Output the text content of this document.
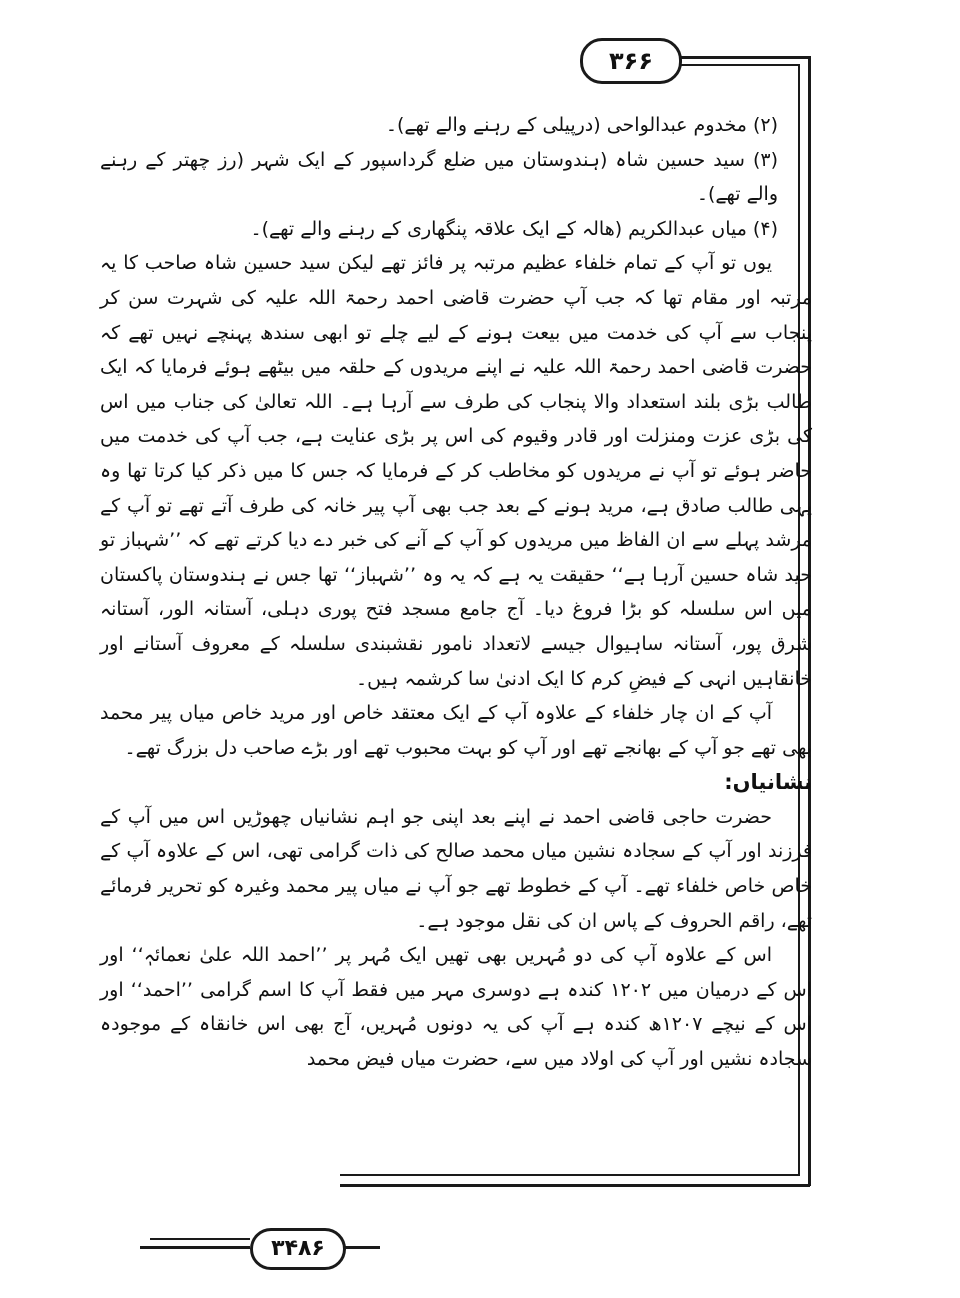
۳۶۶

(۲) مخدوم عبدالواحی (درپیلی کے رہنے والے تھے)۔

(۳) سید حسین شاہ (ہندوستان میں ضلع گرداسپور کے ایک شہر (رز چھتر کے رہنے والے تھے)۔

(۴) میاں عبدالکریم (ھالہ کے ایک علاقہ پنگھاری کے رہنے والے تھے)۔

یوں تو آپ کے تمام خلفاء عظیم مرتبہ پر فائز تھے لیکن سید حسین شاہ صاحب کا یہ مرتبہ اور مقام تھا کہ جب آپ حضرت قاضی احمد رحمۃ اللہ علیہ کی شہرت سن کر پنجاب سے آپ کی خدمت میں بیعت ہونے کے لیے چلے تو ابھی سندھ پہنچے نہیں تھے کہ حضرت قاضی احمد رحمۃ اللہ علیہ نے اپنے مریدوں کے حلقہ میں بیٹھے ہوئے فرمایا کہ ایک طالب بڑی بلند استعداد والا پنجاب کی طرف سے آرہا ہے۔ اللہ تعالیٰ کی جناب میں اس کی بڑی عزت ومنزلت اور قادر وقیوم کی اس پر بڑی عنایت ہے، جب آپ کی خدمت میں حاضر ہوئے تو آپ نے مریدوں کو مخاطب کر کے فرمایا کہ جس کا میں ذکر کیا کرتا تھا وہ یہی طالب صادق ہے، مرید ہونے کے بعد جب بھی آپ پیر خانہ کی طرف آتے تھے تو آپ کے مرشد پہلے سے ان الفاظ میں مریدوں کو آپ کے آنے کی خبر دے دیا کرتے تھے کہ ’’شہباز تو حید شاہ حسین آرہا ہے‘‘ حقیقت یہ ہے کہ یہ وہ ’’شہباز‘‘ تھا جس نے ہندوستان پاکستان میں اس سلسلہ کو بڑا فروغ دیا۔ آج جامع مسجد فتح پوری دہلی، آستانہ الور، آستانہ شرق پور، آستانہ ساہیوال جیسے لاتعداد نامور نقشبندی سلسلہ کے معروف آستانے اور خانقاہیں انہی کے فیضِ کرم کا ایک ادنیٰ سا کرشمہ ہیں۔

آپ کے ان چار خلفاء کے علاوہ آپ کے ایک معتقد خاص اور مرید خاص میاں پیر محمد بھی تھے جو آپ کے بھانجے تھے اور آپ کو بہت محبوب تھے اور بڑے صاحب دل بزرگ تھے۔

نشانیاں:

حضرت حاجی قاضی احمد نے اپنے بعد اپنی جو اہم نشانیاں چھوڑیں اس میں آپ کے فرزند اور آپ کے سجادہ نشین میاں محمد صالح کی ذات گرامی تھی، اس کے علاوہ آپ کے خاص خاص خلفاء تھے۔ آپ کے خطوط تھے جو آپ نے میاں پیر محمد وغیرہ کو تحریر فرمائے تھے، راقم الحروف کے پاس ان کی نقل موجود ہے۔

اس کے علاوہ آپ کی دو مُہریں بھی تھیں ایک مُہر پر ’’احمد اللہ علیٰ نعمائہٖ‘‘ اور اس کے درمیان میں ۱۲۰۲ کندہ ہے دوسری مہر میں فقط آپ کا اسم گرامی ’’احمد‘‘ اور اس کے نیچے ۱۲۰۷ھ کندہ ہے آپ کی یہ دونوں مُہریں، آج بھی اس خانقاہ کے موجودہ سجادہ نشیں اور آپ کی اولاد میں سے، حضرت میاں فیض محمد

۳۴۸۶
